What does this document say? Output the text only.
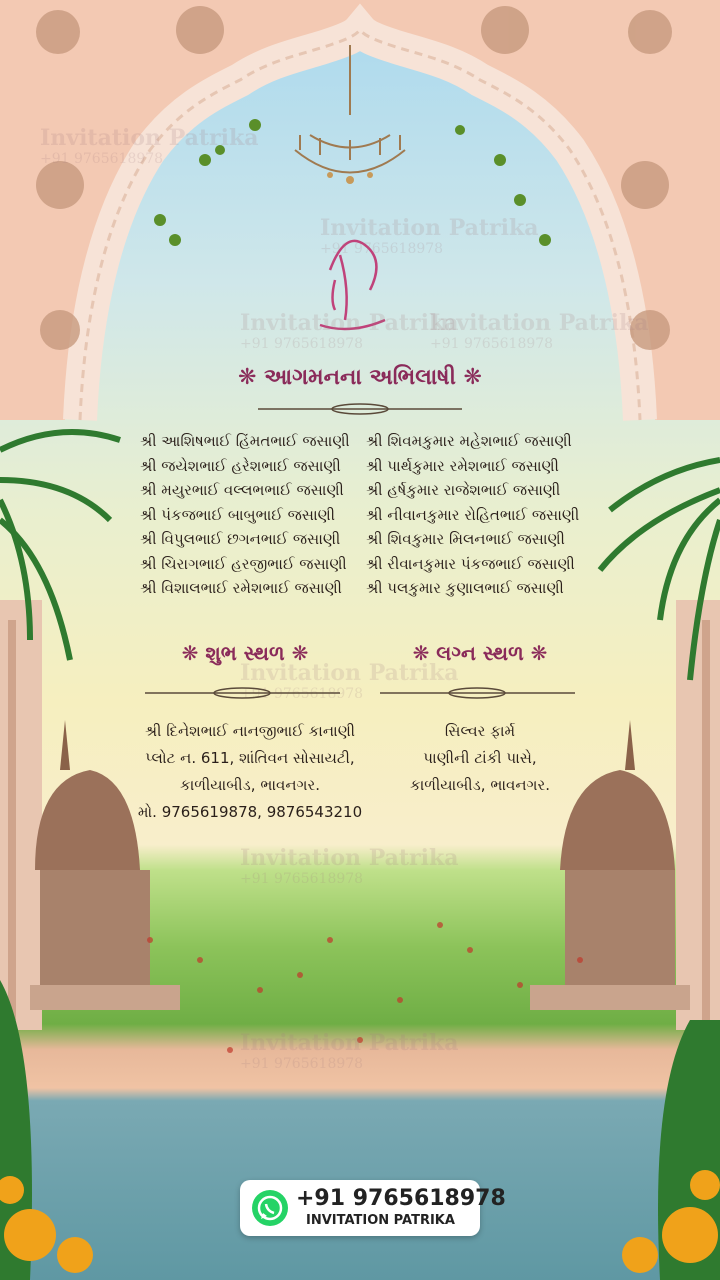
Invitation Patrika
+91 9765618978
Invitation Patrika
+91 9765618978
Invitation Patrika
+91 9765618978
Invitation Patrika
+91 9765618978
Invitation Patrika
+91 9765618978
Invitation Patrika
+91 9765618978
Invitation Patrika
+91 9765618978
❋ આગમનના અભિલાષી ❋
શ્રી આશિષભાઈ હિંમતભાઈ જસાણી
શ્રી જયેશભાઈ હરેશભાઈ જસાણી
શ્રી મયુરભાઈ વલ્લભભાઈ જસાણી
શ્રી પંકજભાઈ બાબુભાઈ જસાણી
શ્રી વિપુલભાઈ છગનભાઈ જસાણી
શ્રી ચિરાગભાઈ હરજીભાઈ જસાણી
શ્રી વિશાલભાઈ રમેશભાઈ જસાણી
શ્રી શિવમકુમાર મહેશભાઈ જસાણી
શ્રી પાર્થકુમાર રમેશભાઈ જસાણી
શ્રી હર્ષકુમાર રાજેશભાઈ જસાણી
શ્રી નીવાનકુમાર રોહિતભાઈ જસાણી
શ્રી શિવકુમાર મિલનભાઈ જસાણી
શ્રી રીવાનકુમાર પંકજભાઈ જસાણી
શ્રી પલકુમાર કુણાલભાઈ જસાણી
❋ શુભ સ્થળ ❋
શ્રી દિનેશભાઈ નાનજીભાઈ કાનાણી
પ્લોટ ન. 611, શાંતિવન સોસાયટી,
કાળીયાબીડ, ભાવનગર.
મો. 9765619878, 9876543210
❋ લગ્ન સ્થળ ❋
સિલ્વર ફાર્મ
પાણીની ટાંકી પાસે,
કાળીયાબીડ, ભાવનગર.
+91 9765618978
INVITATION PATRIKA
